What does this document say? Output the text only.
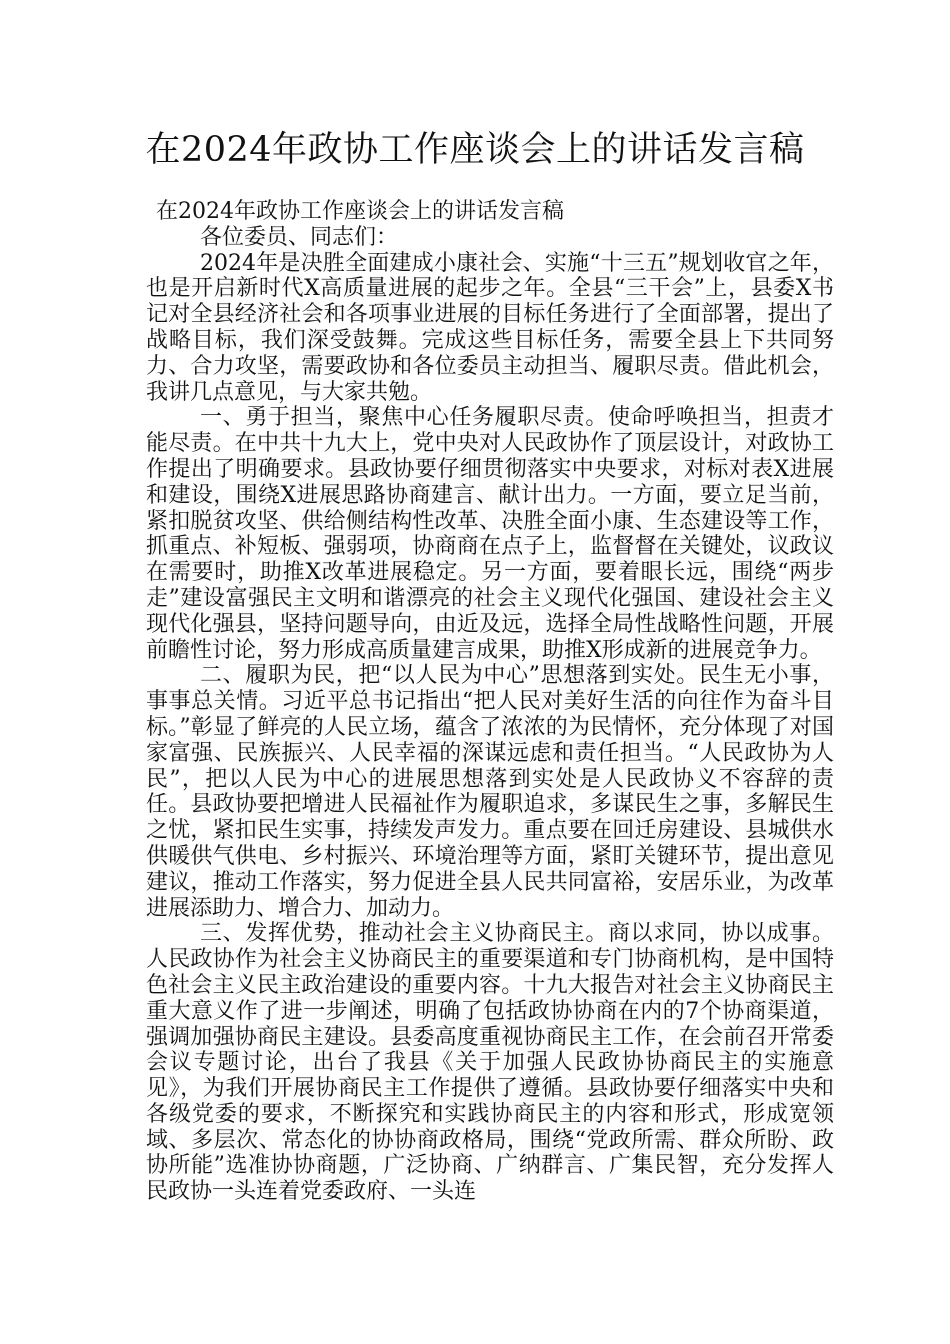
在2024年政协工作座谈会上的讲话发言稿

在2024年政协工作座谈会上的讲话发言稿

各位委员、同志们：

2024年是决胜全面建成小康社会、实施“十三五”规划收官之年，也是开启新时代X高质量进展的起步之年。全县“三干会”上，县委X书记对全县经济社会和各项事业进展的目标任务进行了全面部署，提出了战略目标，我们深受鼓舞。完成这些目标任务，需要全县上下共同努力、合力攻坚，需要政协和各位委员主动担当、履职尽责。借此机会，我讲几点意见，与大家共勉。

一、勇于担当，聚焦中心任务履职尽责。使命呼唤担当，担责才能尽责。在中共十九大上，党中央对人民政协作了顶层设计，对政协工作提出了明确要求。县政协要仔细贯彻落实中央要求，对标对表X进展和建设，围绕X进展思路协商建言、献计出力。一方面，要立足当前，紧扣脱贫攻坚、供给侧结构性改革、决胜全面小康、生态建设等工作，抓重点、补短板、强弱项，协商商在点子上，监督督在关键处，议政议在需要时，助推X改革进展稳定。另一方面，要着眼长远，围绕“两步走”建设富强民主文明和谐漂亮的社会主义现代化强国、建设社会主义现代化强县，坚持问题导向，由近及远，选择全局性战略性问题，开展前瞻性讨论，努力形成高质量建言成果，助推X形成新的进展竞争力。

二、履职为民，把“以人民为中心”思想落到实处。民生无小事，事事总关情。习近平总书记指出“把人民对美好生活的向往作为奋斗目标。”彰显了鲜亮的人民立场，蕴含了浓浓的为民情怀，充分体现了对国家富强、民族振兴、人民幸福的深谋远虑和责任担当。“人民政协为人民”，把以人民为中心的进展思想落到实处是人民政协义不容辞的责任。县政协要把增进人民福祉作为履职追求，多谋民生之事，多解民生之忧，紧扣民生实事，持续发声发力。重点要在回迁房建设、县城供水供暖供气供电、乡村振兴、环境治理等方面，紧盯关键环节，提出意见建议，推动工作落实，努力促进全县人民共同富裕，安居乐业，为改革进展添助力、增合力、加动力。

三、发挥优势，推动社会主义协商民主。商以求同，协以成事。人民政协作为社会主义协商民主的重要渠道和专门协商机构，是中国特色社会主义民主政治建设的重要内容。十九大报告对社会主义协商民主重大意义作了进一步阐述，明确了包括政协协商在内的7个协商渠道，强调加强协商民主建设。县委高度重视协商民主工作，在会前召开常委会议专题讨论，出台了我县《关于加强人民政协协商民主的实施意见》，为我们开展协商民主工作提供了遵循。县政协要仔细落实中央和各级党委的要求，不断探究和实践协商民主的内容和形式，形成宽领域、多层次、常态化的协协商政格局，围绕“党政所需、群众所盼、政协所能”选准协协商题，广泛协商、广纳群言、广集民智，充分发挥人民政协一头连着党委政府、一头连
